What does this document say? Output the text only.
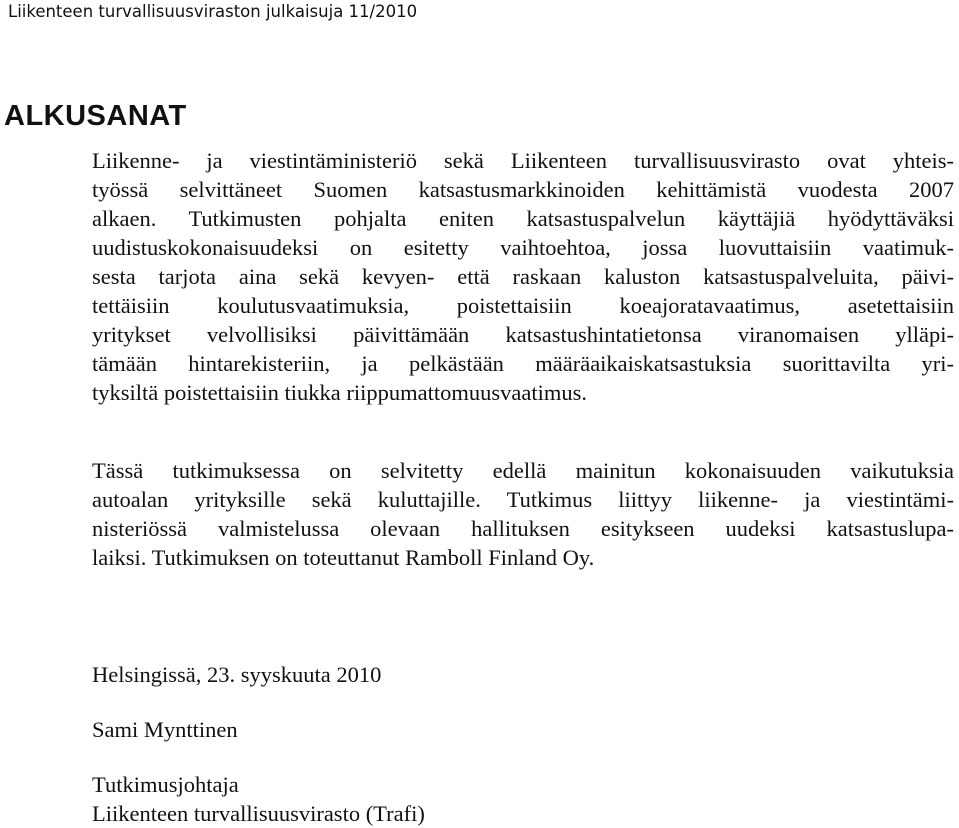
Liikenteen turvallisuusviraston julkaisuja 11/2010
ALKUSANAT
Liikenne- ja viestintäministeriö sekä Liikenteen turvallisuusvirasto ovat yhteis-
työssä selvittäneet Suomen katsastusmarkkinoiden kehittämistä vuodesta 2007
alkaen. Tutkimusten pohjalta eniten katsastuspalvelun käyttäjiä hyödyttäväksi
uudistuskokonaisuudeksi on esitetty vaihtoehtoa, jossa luovuttaisiin vaatimuk-
sesta tarjota aina sekä kevyen- että raskaan kaluston katsastuspalveluita, päivi-
tettäisiin koulutusvaatimuksia, poistettaisiin koeajoratavaatimus, asetettaisiin
yritykset velvollisiksi päivittämään katsastushintatietonsa viranomaisen ylläpi-
tämään hintarekisteriin, ja pelkästään määräaikaiskatsastuksia suorittavilta yri-
tyksiltä poistettaisiin tiukka riippumattomuusvaatimus.
Tässä tutkimuksessa on selvitetty edellä mainitun kokonaisuuden vaikutuksia
autoalan yrityksille sekä kuluttajille. Tutkimus liittyy liikenne- ja viestintämi-
nisteriössä valmistelussa olevaan hallituksen esitykseen uudeksi katsastuslupa-
laiksi. Tutkimuksen on toteuttanut Ramboll Finland Oy.

Helsingissä, 23. syyskuuta 2010

Sami Mynttinen

Tutkimusjohtaja

Liikenteen turvallisuusvirasto (Trafi)
